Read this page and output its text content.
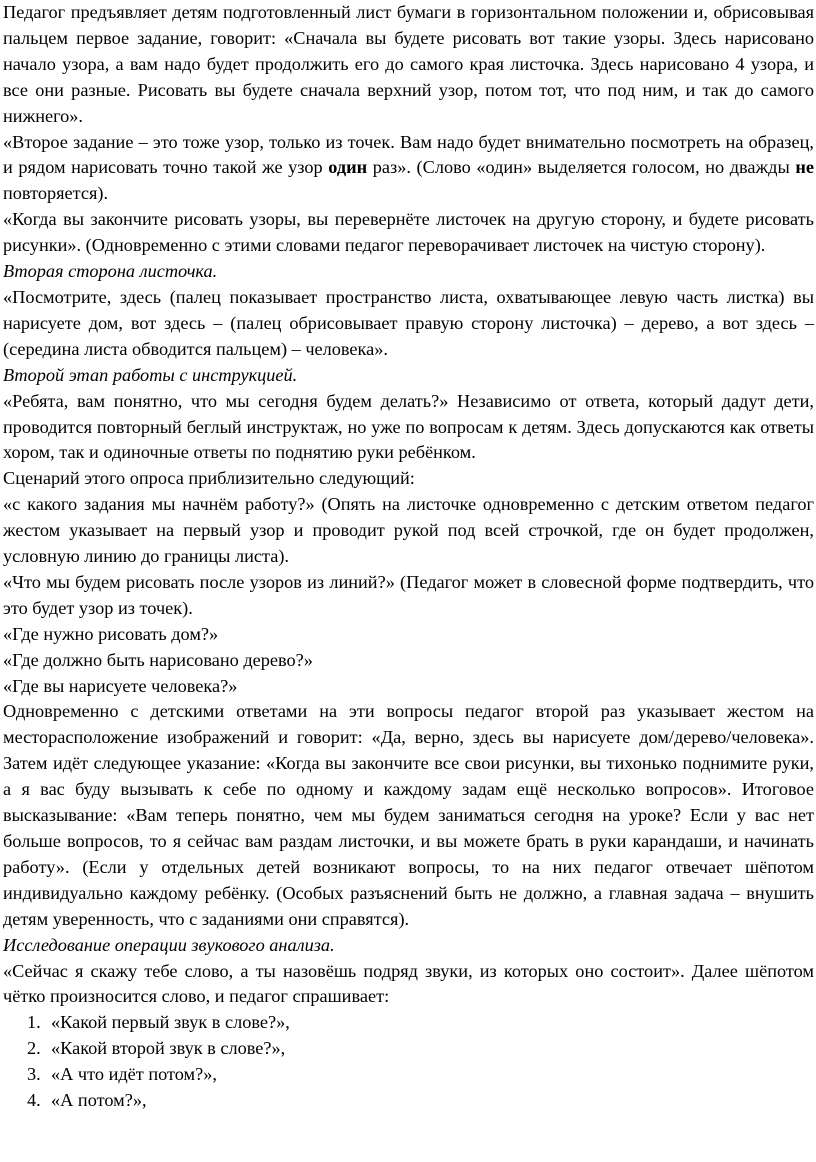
Педагог предъявляет детям подготовленный лист бумаги в горизонтальном положении и, обрисовывая пальцем первое задание, говорит: «Сначала вы будете рисовать вот такие узоры. Здесь нарисовано начало узора, а вам надо будет продолжить его до самого края листочка. Здесь нарисовано 4 узора, и все они разные. Рисовать вы будете сначала верхний узор, потом тот, что под ним, и так до самого нижнего».

«Второе задание – это тоже узор, только из точек. Вам надо будет внимательно посмотреть на образец, и рядом нарисовать точно такой же узор один раз». (Слово «один» выделяется голосом, но дважды не повторяется).

«Когда вы закончите рисовать узоры, вы перевернёте листочек на другую сторону, и будете рисовать рисунки». (Одновременно с этими словами педагог переворачивает листочек на чистую сторону).

Вторая сторона листочка.

«Посмотрите, здесь (палец показывает пространство листа, охватывающее левую часть листка) вы нарисуете дом, вот здесь – (палец обрисовывает правую сторону листочка) – дерево, а вот здесь – (середина листа обводится пальцем) – человека».

Второй этап работы с инструкцией.

«Ребята, вам понятно, что мы сегодня будем делать?» Независимо от ответа, который дадут дети, проводится повторный беглый инструктаж, но уже по вопросам к детям. Здесь допускаются как ответы хором, так и одиночные ответы по поднятию руки ребёнком.

Сценарий этого опроса приблизительно следующий:

«с какого задания мы начнём работу?» (Опять на листочке одновременно с детским ответом педагог жестом указывает на первый узор и проводит рукой под всей строчкой, где он будет продолжен, условную линию до границы листа).

«Что мы будем рисовать после узоров из линий?» (Педагог может в словесной форме подтвердить, что это будет узор из точек).

«Где нужно рисовать дом?»

«Где должно быть нарисовано дерево?»

«Где вы нарисуете человека?»

Одновременно с детскими ответами на эти вопросы педагог второй раз указывает жестом на месторасположение изображений и говорит: «Да, верно, здесь вы нарисуете дом/дерево/человека». Затем идёт следующее указание: «Когда вы закончите все свои рисунки, вы тихонько поднимите руки, а я вас буду вызывать к себе по одному и каждому задам ещё несколько вопросов». Итоговое высказывание: «Вам теперь понятно, чем мы будем заниматься сегодня на уроке? Если у вас нет больше вопросов, то я сейчас вам раздам листочки, и вы можете брать в руки карандаши, и начинать работу». (Если у отдельных детей возникают вопросы, то на них педагог отвечает шёпотом индивидуально каждому ребёнку. (Особых разъяснений быть не должно, а главная задача – внушить детям уверенность, что с заданиями они справятся).

Исследование операции звукового анализа.

«Сейчас я скажу тебе слово, а ты назовёшь подряд звуки, из которых оно состоит». Далее шёпотом чётко произносится слово, и педагог спрашивает:

1. «Какой первый звук в слове?»,
2. «Какой второй звук в слове?»,
3. «А что идёт потом?»,
4. «А потом?»,
